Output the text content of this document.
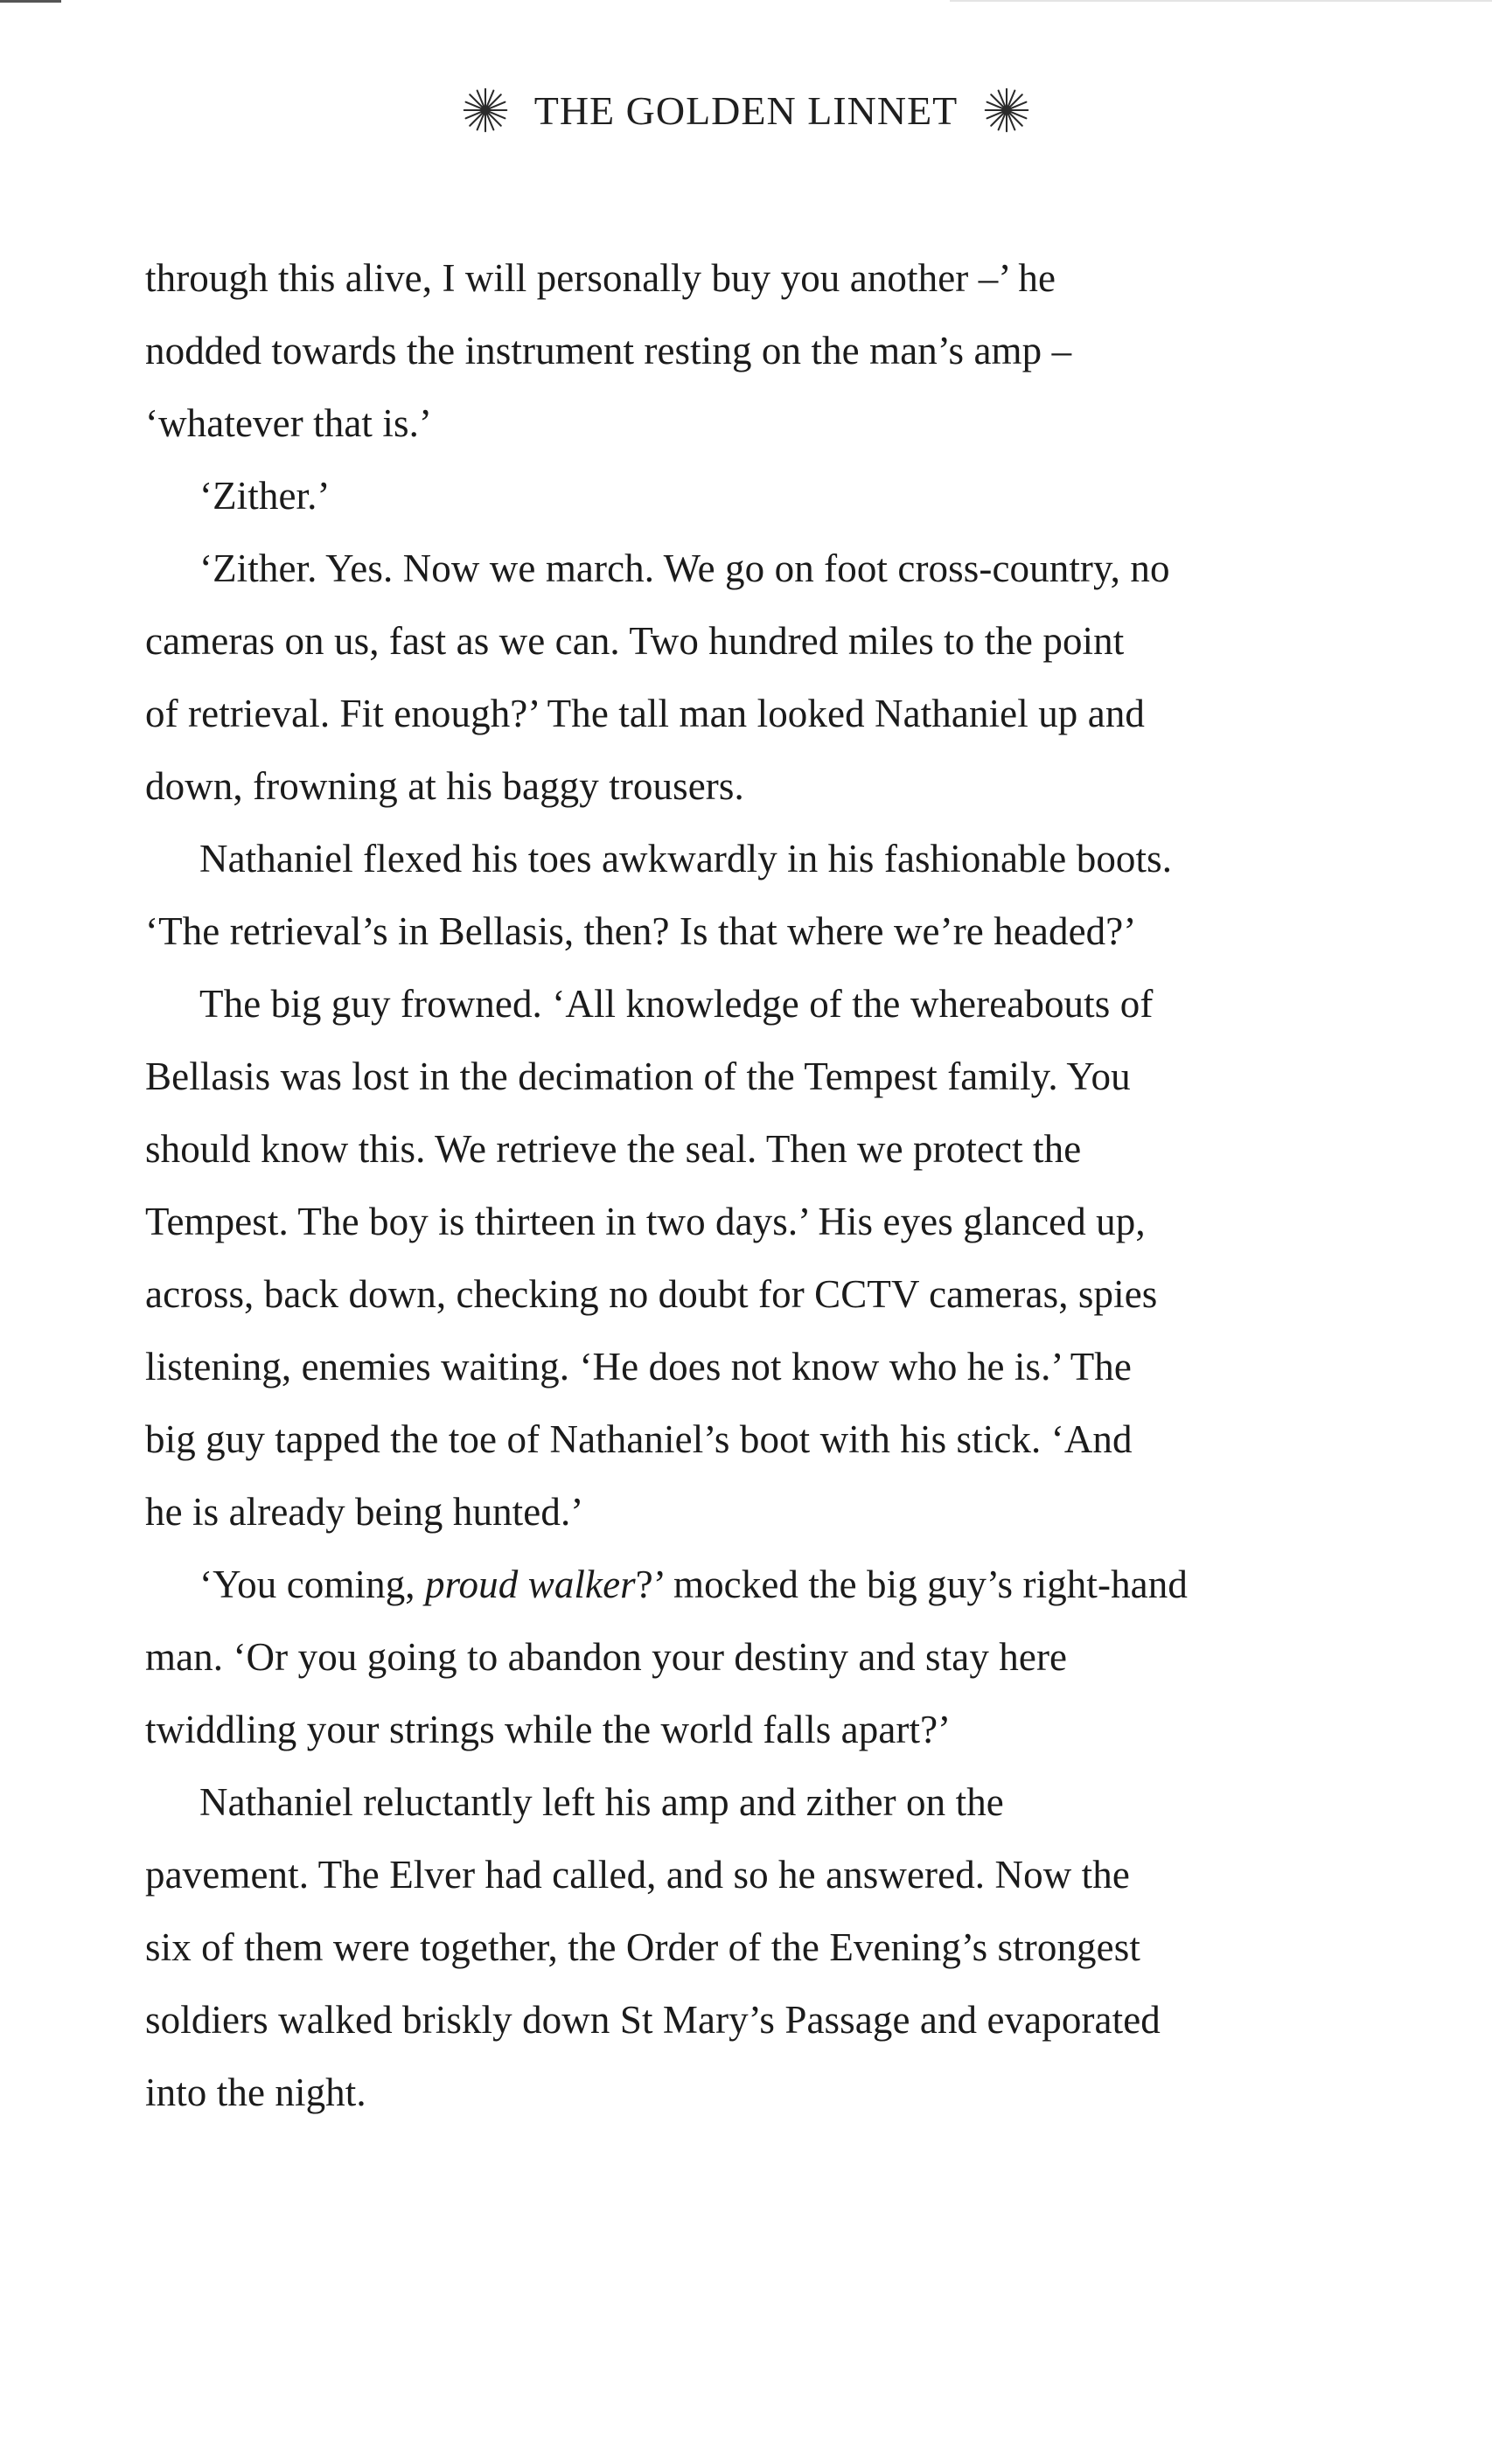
THE GOLDEN LINNET
through this alive, I will personally buy you another –’ he
nodded towards the instrument resting on the man’s amp –
‘whatever that is.’
‘Zither.’
‘Zither. Yes. Now we march. We go on foot cross-country, no
cameras on us, fast as we can. Two hundred miles to the point
of retrieval. Fit enough?’ The tall man looked Nathaniel up and
down, frowning at his baggy trousers.
Nathaniel flexed his toes awkwardly in his fashionable boots.
‘The retrieval’s in Bellasis, then? Is that where we’re headed?’
The big guy frowned. ‘All knowledge of the whereabouts of
Bellasis was lost in the decimation of the Tempest family. You
should know this. We retrieve the seal. Then we protect the
Tempest. The boy is thirteen in two days.’ His eyes glanced up,
across, back down, checking no doubt for CCTV cameras, spies
listening, enemies waiting. ‘He does not know who he is.’ The
big guy tapped the toe of Nathaniel’s boot with his stick. ‘And
he is already being hunted.’
‘You coming, proud walker?’ mocked the big guy’s right-hand
man. ‘Or you going to abandon your destiny and stay here
twiddling your strings while the world falls apart?’
Nathaniel reluctantly left his amp and zither on the
pavement. The Elver had called, and so he answered. Now the
six of them were together, the Order of the Evening’s strongest
soldiers walked briskly down St Mary’s Passage and evaporated
into the night.
